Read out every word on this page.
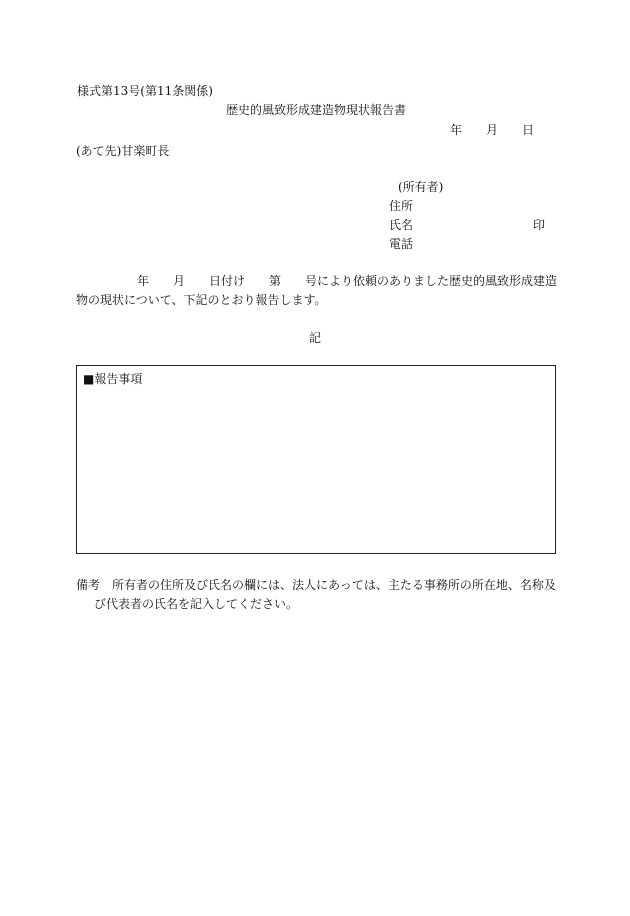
様式第13号(第11条関係)
歴史的風致形成建造物現状報告書
年 月 日
(あて先)甘楽町長
(所有者)
住所
氏名	印
電話
年 月 日付け 第 号により依頼のありました歴史的風致形成建造
物の現状について、下記のとおり報告します。
記
■報告事項
備考　所有者の住所及び氏名の欄には、法人にあっては、主たる事務所の所在地、名称及
び代表者の氏名を記入してください。
